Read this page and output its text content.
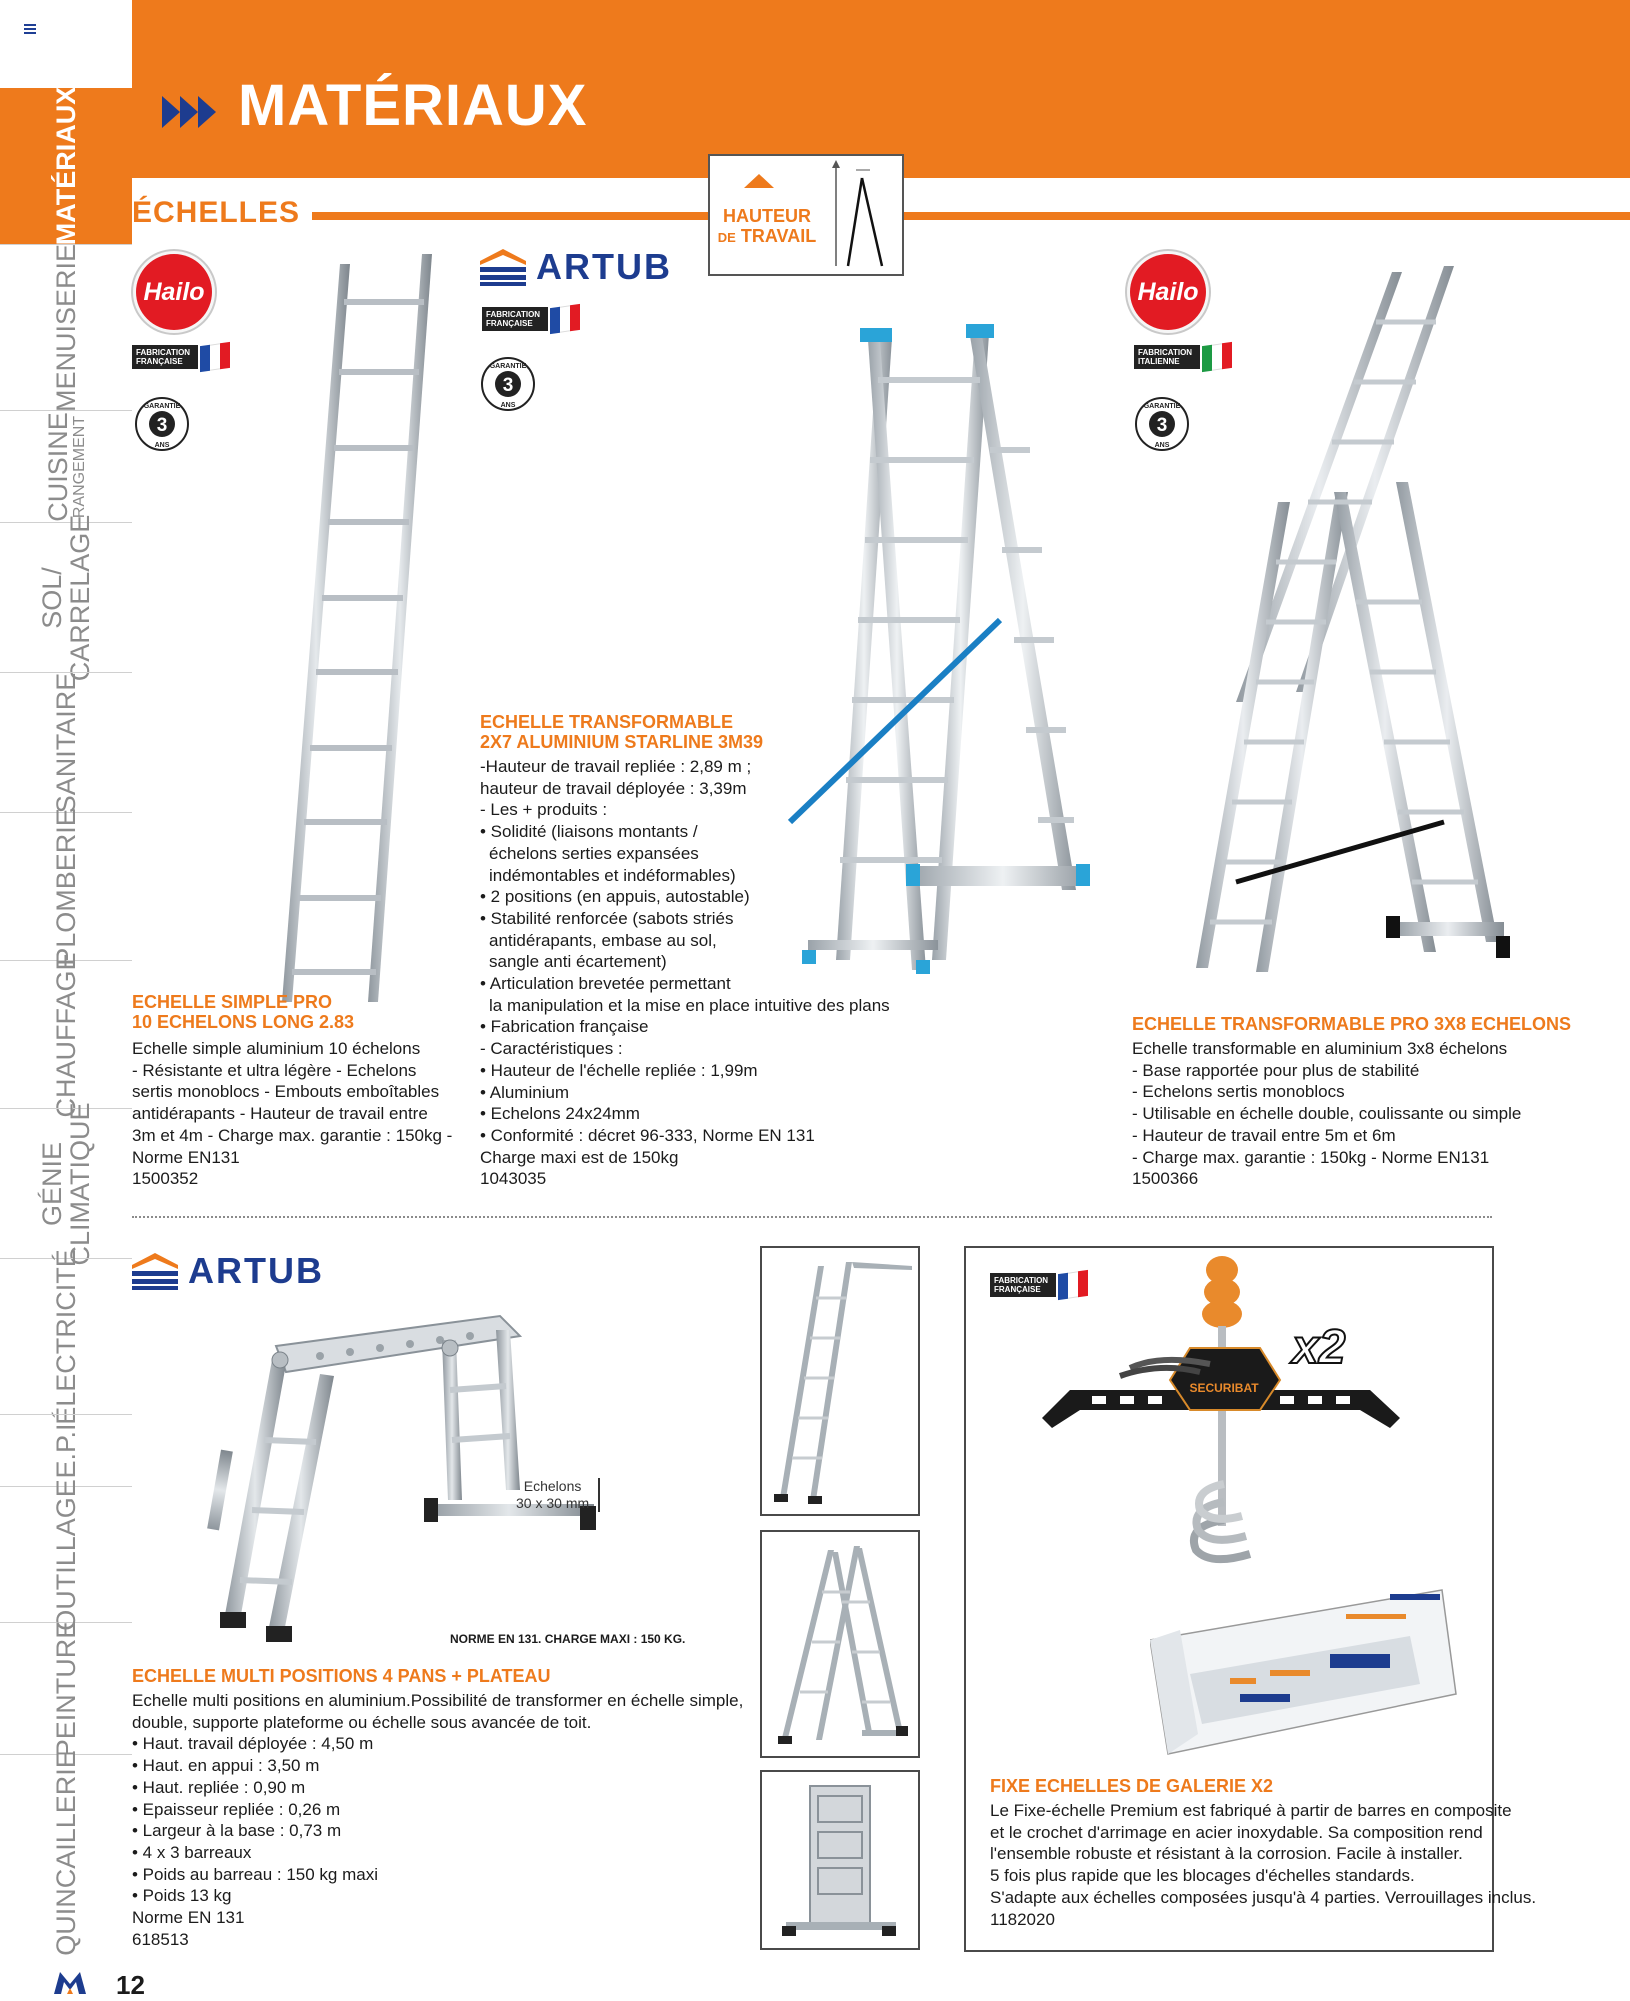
MATÉRIAUX
MENUISERIE
CUISINE
RANGEMENT
SOL/
CARRELAGE
SANITAIRE
PLOMBERIE
CHAUFFAGE
GÉNIE
CLIMATIQUE
ÉLECTRICITÉ
E.P.I
OUTILLAGE
PEINTURE
QUINCAILLERIE
MATÉRIAUX
ÉCHELLES	HAUTEUR
DE TRAVAIL
Hailo
FABRICATION
FRANÇAISE
3
GARANTIE
ANS
ECHELLE SIMPLE PRO
10 ECHELONS LONG 2.83
Echelle simple aluminium 10 échelons
- Résistante et ultra légère - Echelons
sertis monoblocs - Embouts emboîtables
antidérapants - Hauteur de travail entre
3m et 4m - Charge max. garantie : 150kg -
Norme EN131
1500352
ARTUB
FABRICATION
FRANÇAISE
3
GARANTIE
ANS
ECHELLE TRANSFORMABLE
2X7 ALUMINIUM STARLINE 3M39
-Hauteur de travail repliée : 2,89 m ;
hauteur de travail déployée : 3,39m
- Les + produits :
• Solidité (liaisons montants /
échelons serties expansées
indémontables et indéformables)
• 2 positions (en appuis, autostable)
• Stabilité renforcée (sabots striés
antidérapants, embase au sol,
sangle anti écartement)
• Articulation brevetée permettant
la manipulation et la mise en place intuitive des plans
• Fabrication française
- Caractéristiques :
• Hauteur de l'échelle repliée : 1,99m
• Aluminium
• Echelons 24x24mm
• Conformité : décret 96-333, Norme EN 131
Charge maxi est de 150kg
1043035
Hailo
FABRICATION
ITALIENNE
3
GARANTIE
ANS
ECHELLE TRANSFORMABLE PRO 3X8 ECHELONS
Echelle transformable en aluminium 3x8 échelons
- Base rapportée pour plus de stabilité
- Echelons sertis monoblocs
- Utilisable en échelle double, coulissante ou simple
- Hauteur de travail entre 5m et 6m
- Charge max. garantie : 150kg - Norme EN131
1500366
ARTUB
Echelons
30 x 30 mm
NORME EN 131. CHARGE MAXI : 150 KG.
ECHELLE MULTI POSITIONS 4 PANS + PLATEAU
Echelle multi positions en aluminium.Possibilité de transformer en échelle simple,
double, supporte plateforme ou échelle sous avancée de toit.
• Haut. travail déployée : 4,50 m
• Haut. en appui : 3,50 m
• Haut. repliée : 0,90 m
• Epaisseur repliée : 0,26 m
• Largeur à la base : 0,73 m
• 4 x 3 barreaux
• Poids au barreau : 150 kg maxi
• Poids 13 kg
Norme EN 131
618513
FABRICATION
FRANÇAISE
x2
SECURIBAT
FIXE ECHELLES DE GALERIE X2
Le Fixe-échelle Premium est fabriqué à partir de barres en composite
et le crochet d'arrimage en acier inoxydable. Sa composition rend
l'ensemble robuste et résistant à la corrosion. Facile à installer.
5 fois plus rapide que les blocages d'échelles standards.
S'adapte aux échelles composées jusqu'à 4 parties. Verrouillages inclus.
1182020
12
